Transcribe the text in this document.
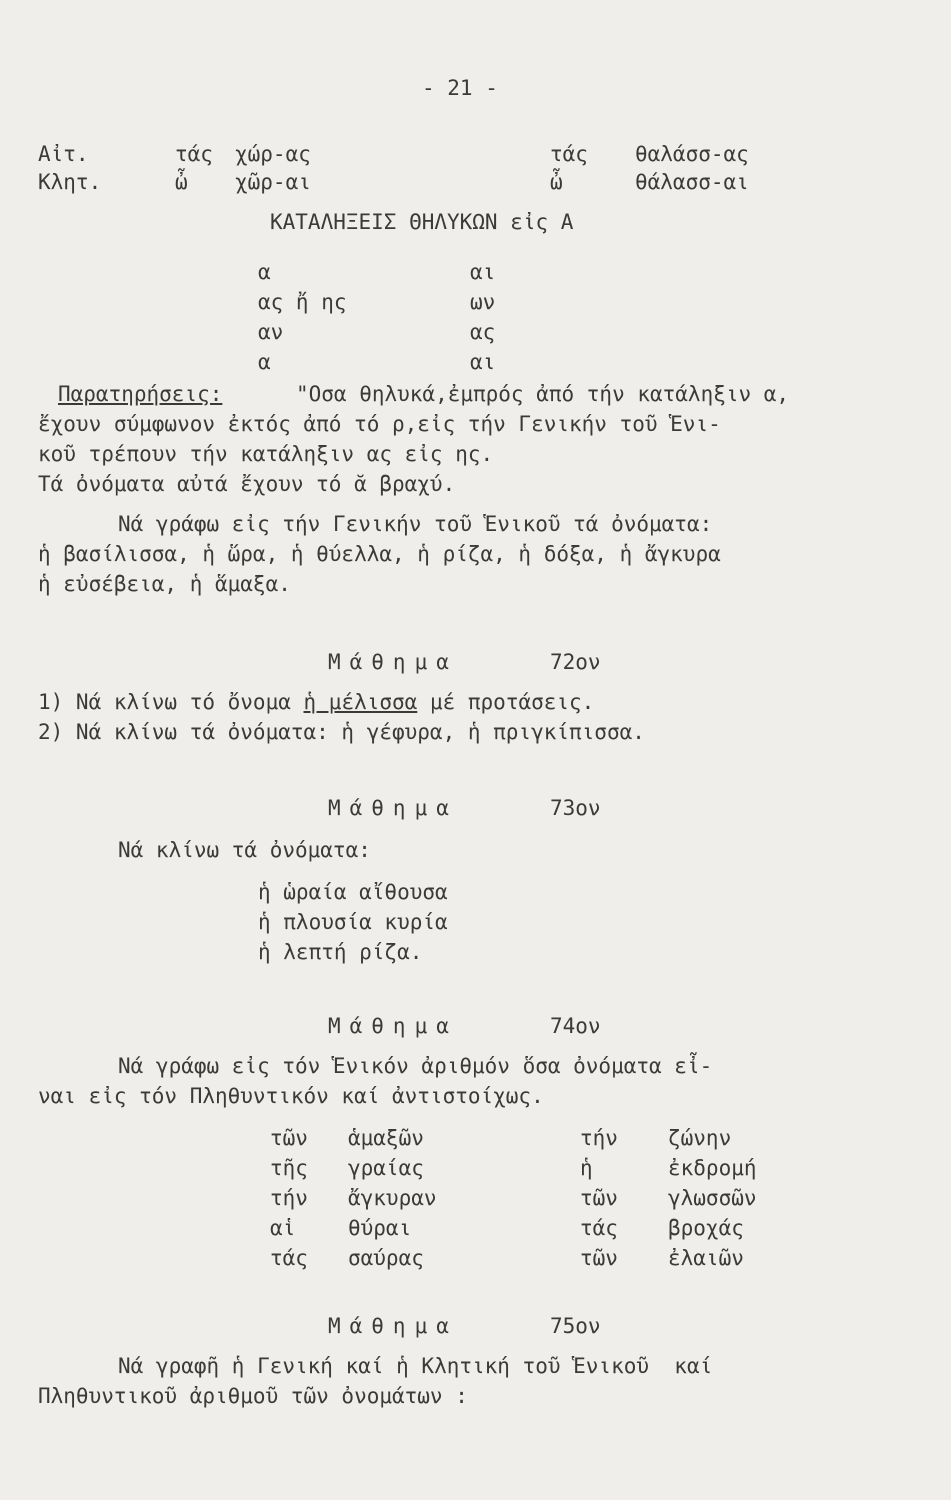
- 21 -
Αἰτ.	τάς χώρ-ας	τάς θαλάσσ-ας
Κλητ.	ὦ χῶρ-αι	ὦ	θάλασσ-αι
ΚΑΤΑΛΗΞΕΙΣ ΘΗΛΥΚΩΝ εἰς Α
α	αι
ας ἤ ης	ων
αν	ας
α	αι
Παρατηρήσεις:	"Οσα θηλυκά,ἐμπρός ἀπό τήν κατάληξιν α,
ἔχουν σύμφωνον ἐκτός ἀπό τό ρ,εἰς τήν Γενικήν τοῦ Ἑνι-
κοῦ τρέπουν τήν κατάληξιν ας εἰς ης.
Τά ὀνόματα αὐτά ἔχουν τό ᾰ βραχύ.
Νά γράφω εἰς τήν Γενικήν τοῦ Ἑνικοῦ τά ὀνόματα:
ἡ βασίλισσα, ἡ ὥρα, ἡ θύελλα, ἡ ρίζα, ἡ δόξα, ἡ ἄγκυρα
ἡ εὐσέβεια, ἡ ἅμαξα.
Μάθημα	72ον
1) Νά κλίνω τό ὄνομα ἡ μέλισσα μέ προτάσεις.
2) Νά κλίνω τά ὀνόματα: ἡ γέφυρα, ἡ πριγκίπισσα.
Μάθημα	73ον
Νά κλίνω τά ὀνόματα:
ἡ ὡραία αἴθουσα
ἡ πλουσία κυρία
ἡ λεπτή ρίζα.
Μάθημα	74ον
Νά γράφω εἰς τόν Ἑνικόν ἀριθμόν ὅσα ὀνόματα εἶ-
ναι εἰς τόν Πληθυντικόν καί ἀντιστοίχως.
τῶν ἁμαξῶν	τήν ζώνην
τῆς γραίας	ἡ	ἐκδρομή
τήν ἄγκυραν	τῶν γλωσσῶν
αἱ	θύραι	τάς βροχάς
τάς σαύρας	τῶν ἐλαιῶν
Μάθημα	75ον
Νά γραφῆ ἡ Γενική καί ἡ Κλητική τοῦ Ἑνικοῦ  καί
Πληθυντικοῦ ἀριθμοῦ τῶν ὀνομάτων :
